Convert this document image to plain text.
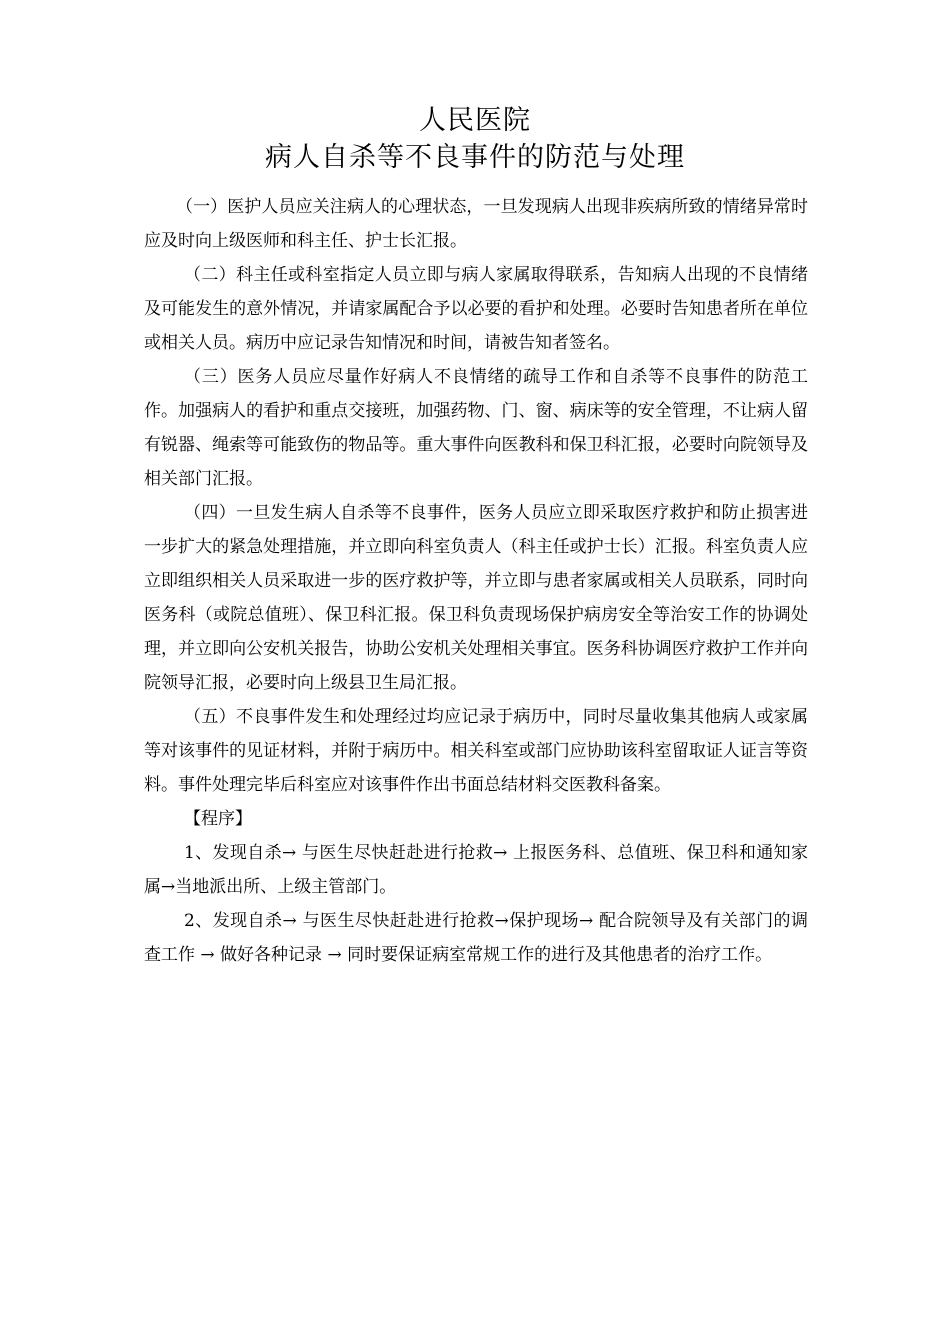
人民医院
病人自杀等不良事件的防范与处理

（一）医护人员应关注病人的心理状态，一旦发现病人出现非疾病所致的情绪异常时应及时向上级医师和科主任、护士长汇报。

（二）科主任或科室指定人员立即与病人家属取得联系，告知病人出现的不良情绪及可能发生的意外情况，并请家属配合予以必要的看护和处理。必要时告知患者所在单位或相关人员。病历中应记录告知情况和时间，请被告知者签名。

（三）医务人员应尽量作好病人不良情绪的疏导工作和自杀等不良事件的防范工作。加强病人的看护和重点交接班，加强药物、门、窗、病床等的安全管理，不让病人留有锐器、绳索等可能致伤的物品等。重大事件向医教科和保卫科汇报，必要时向院领导及相关部门汇报。

（四）一旦发生病人自杀等不良事件，医务人员应立即采取医疗救护和防止损害进一步扩大的紧急处理措施，并立即向科室负责人（科主任或护士长）汇报。科室负责人应立即组织相关人员采取进一步的医疗救护等，并立即与患者家属或相关人员联系，同时向医务科（或院总值班）、保卫科汇报。保卫科负责现场保护病房安全等治安工作的协调处理，并立即向公安机关报告，协助公安机关处理相关事宜。医务科协调医疗救护工作并向院领导汇报，必要时向上级县卫生局汇报。

（五）不良事件发生和处理经过均应记录于病历中，同时尽量收集其他病人或家属等对该事件的见证材料，并附于病历中。相关科室或部门应协助该科室留取证人证言等资料。事件处理完毕后科室应对该事件作出书面总结材料交医教科备案。

【程序】

1、发现自杀→ 与医生尽快赶赴进行抢救→ 上报医务科、总值班、保卫科和通知家属→当地派出所、上级主管部门。

2、发现自杀→ 与医生尽快赶赴进行抢救→保护现场→ 配合院领导及有关部门的调查工作 → 做好各种记录 → 同时要保证病室常规工作的进行及其他患者的治疗工作。
